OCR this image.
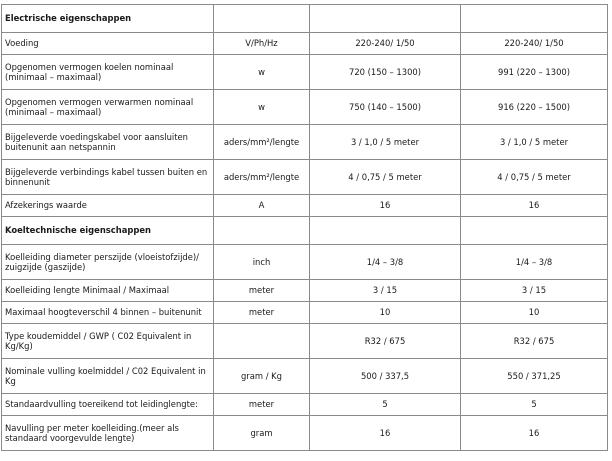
Electrische eigenschappen			
Voeding	V/Ph/Hz	220-240/ 1/50	220-240/ 1/50
Opgenomen vermogen koelen nominaal (minimaal – maximaal)	w	720 (150 – 1300)	991 (220 – 1300)
Opgenomen vermogen verwarmen nominaal (minimaal – maximaal)	w	750 (140 – 1500)	916 (220 – 1500)
Bijgeleverde voedingskabel voor aansluiten buitenunit aan netspannin	aders/mm²/lengte	3 / 1,0 / 5 meter	3 / 1,0 / 5 meter
Bijgeleverde verbindings kabel tussen buiten en binnenunit	aders/mm²/lengte	4 / 0,75 / 5 meter	4 / 0,75 / 5 meter
Afzekerings waarde	A	16	16
Koeltechnische eigenschappen			
Koelleiding diameter perszijde (vloeistofzijde)/ zuigzijde (gaszijde)	inch	1/4 – 3/8	1/4 – 3/8
Koelleiding lengte Minimaal / Maximaal	meter	3 / 15	3 / 15
Maximaal hoogteverschil 4 binnen – buitenunit	meter	10	10
Type koudemiddel / GWP ( C02 Equivalent in Kg/Kg)		R32 / 675	R32 / 675
Nominale vulling koelmiddel / C02 Equivalent in Kg	gram / Kg	500 / 337,5	550 / 371,25
Standaardvulling toereikend tot leidinglengte:	meter	5	5
Navulling per meter koelleiding.(meer als standaard voorgevulde lengte)	gram	16	16
